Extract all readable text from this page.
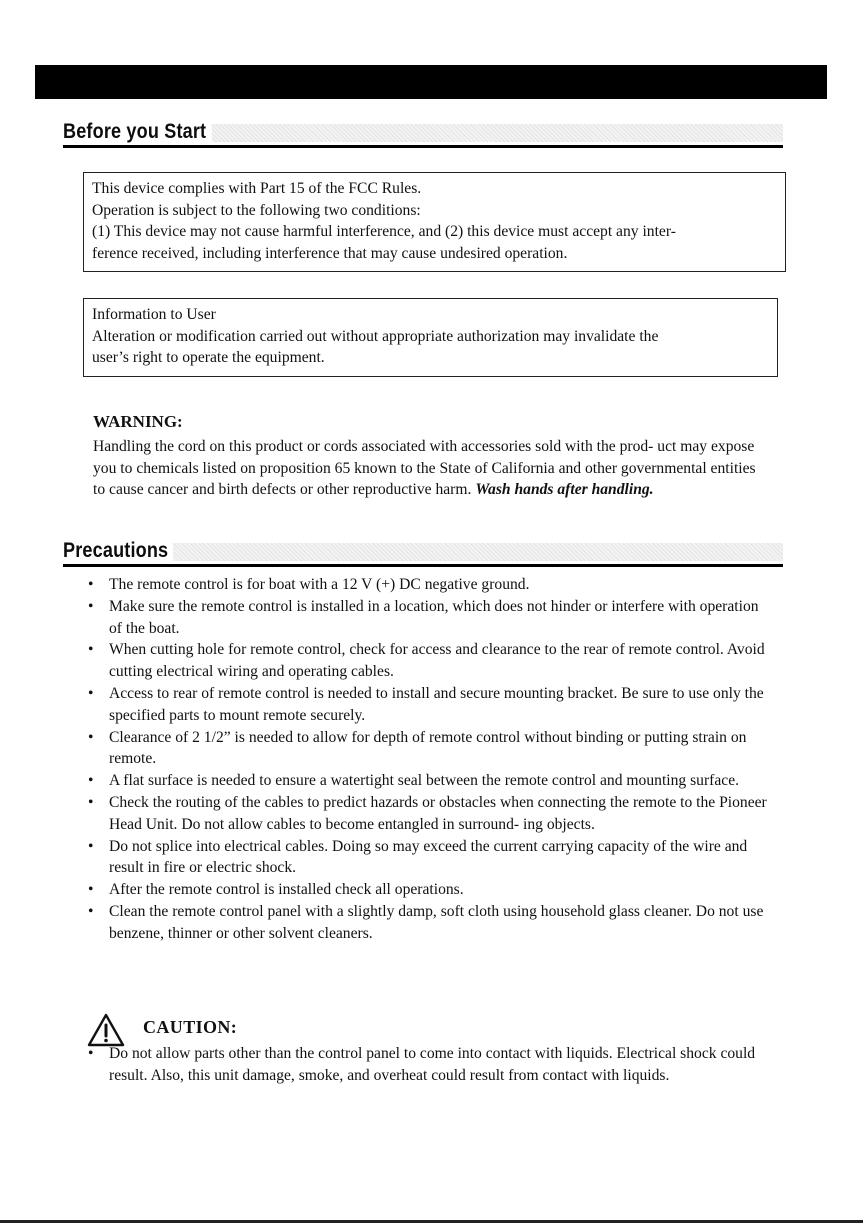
Before you Start

This device complies with Part 15 of the FCC Rules.

Operation is subject to the following two conditions:

(1) This device may not cause harmful interference, and (2) this device must accept any inter-

ference received, including interference that may cause undesired operation.

Information to User

Alteration or modification carried out without appropriate authorization may invalidate the

user’s right to operate the equipment.

WARNING:

Handling the cord on this product or cords associated with accessories sold with the prod- uct may expose you to chemicals listed on proposition 65 known to the State of California and other governmental entities to cause cancer and birth defects or other reproductive harm. Wash hands after handling.

Precautions
• The remote control is for boat with a 12 V (+) DC negative ground.
• Make sure the remote control is installed in a location, which does not hinder or interfere with operation of the boat.
• When cutting hole for remote control, check for access and clearance to the rear of remote control. Avoid cutting electrical wiring and operating cables.
• Access to rear of remote control is needed to install and secure mounting bracket. Be sure to use only the specified parts to mount remote securely.
• Clearance of 2 1/2” is needed to allow for depth of remote control without binding or putting strain on remote.
• A flat surface is needed to ensure a watertight seal between the remote control and mounting surface.
• Check the routing of the cables to predict hazards or obstacles when connecting the remote to the Pioneer Head Unit. Do not allow cables to become entangled in surround- ing objects.
• Do not splice into electrical cables. Doing so may exceed the current carrying capacity of the wire and result in fire or electric shock.
• After the remote control is installed check all operations.
• Clean the remote control panel with a slightly damp, soft cloth using household glass cleaner. Do not use benzene, thinner or other solvent cleaners.
CAUTION:
• Do not allow parts other than the control panel to come into contact with liquids. Electrical shock could result. Also, this unit damage, smoke, and overheat could result from contact with liquids.
